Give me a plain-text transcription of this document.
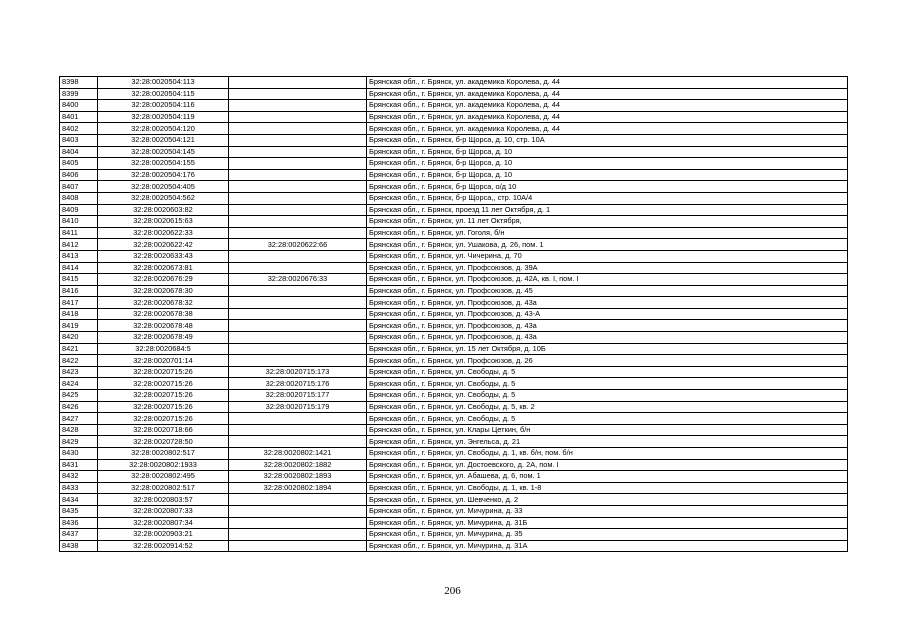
8398	32:28:0020504:113		Брянская обл., г. Брянск, ул. академика Королева, д. 44
8399	32:28:0020504:115		Брянская обл., г. Брянск, ул. академика Королева, д. 44
8400	32:28:0020504:116		Брянская обл., г. Брянск, ул. академика Королева, д. 44
8401	32:28:0020504:119		Брянская обл., г. Брянск, ул. академика Королева, д. 44
8402	32:28:0020504:120		Брянская обл., г. Брянск, ул. академика Королева, д. 44
8403	32:28:0020504:121		Брянская обл., г. Брянск, б-р Щорса, д. 10, стр. 10А
8404	32:28:0020504:145		Брянская обл., г. Брянск, б-р Щорса, д. 10
8405	32:28:0020504:155		Брянская обл., г. Брянск, б-р Щорса, д. 10
8406	32:28:0020504:176		Брянская обл., г. Брянск, б-р Щорса, д. 10
8407	32:28:0020504:405		Брянская обл., г. Брянск, б-р Щорса, о/д 10
8408	32:28:0020504:562		Брянская обл., г. Брянск, б-р Щорса,, стр. 10А/4
8409	32:28:0020603:82		Брянская обл., г. Брянск, проезд 11 лет Октября, д. 1
8410	32:28:0020615:63		Брянская обл., г. Брянск, ул. 11 лет Октября,
8411	32:28:0020622:33		Брянская обл., г. Брянск, ул. Гоголя, б/н
8412	32:28:0020622:42	32:28:0020622:66	Брянская обл., г. Брянск, ул. Ушакова, д. 26, пом. 1
8413	32:28:0020633:43		Брянская обл., г. Брянск, ул. Чичерина, д. 70
8414	32:28:0020673:81		Брянская обл., г. Брянск, ул. Профсоюзов, д. 39А
8415	32:28:0020676:29	32:28:0020676:33	Брянская обл., г. Брянск, ул. Профсоюзов, д. 42А, кв. I, пом. I
8416	32:28:0020678:30		Брянская обл., г. Брянск, ул. Профсоюзов, д. 45
8417	32:28:0020678:32		Брянская обл., г. Брянск, ул. Профсоюзов, д. 43а
8418	32:28:0020678:38		Брянская обл., г. Брянск, ул. Профсоюзов, д. 43-А
8419	32:28:0020678:48		Брянская обл., г. Брянск, ул. Профсоюзов, д. 43а
8420	32:28:0020678:49		Брянская обл., г. Брянск, ул. Профсоюзов, д. 43а
8421	32:28:0020684:5		Брянская обл., г. Брянск, ул. 15 лет Октября, д. 10Б
8422	32:28:0020701:14		Брянская обл., г. Брянск, ул. Профсоюзов, д. 26
8423	32:28:0020715:26	32:28:0020715:173	Брянская обл., г. Брянск, ул. Свободы, д. 5
8424	32:28:0020715:26	32:28:0020715:176	Брянская обл., г. Брянск, ул. Свободы, д. 5
8425	32:28:0020715:26	32:28:0020715:177	Брянская обл., г. Брянск, ул. Свободы, д. 5
8426	32:28:0020715:26	32:28:0020715:179	Брянская обл., г. Брянск, ул. Свободы, д. 5, кв. 2
8427	32:28:0020715:26		Брянская обл., г. Брянск, ул. Свободы, д. 5
8428	32:28:0020718:66		Брянская обл., г. Брянск, ул. Клары Цеткин, б/н
8429	32:28:0020728:50		Брянская обл., г. Брянск, ул. Энгельса, д. 21
8430	32:28:0020802:517	32:28:0020802:1421	Брянская обл., г. Брянск, ул. Свободы, д. 1, кв. б/н, пом. б/н
8431	32:28:0020802:1933	32:28:0020802:1882	Брянская обл., г. Брянск, ул. Достоевского, д. 2А, пом. I
8432	32:28:0020802:495	32:28:0020802:1893	Брянская обл., г. Брянск, ул. Абашева, д. 6, пом. 1
8433	32:28:0020802:517	32:28:0020802:1894	Брянская обл., г. Брянск, ул. Свободы, д. 1, кв. 1-8
8434	32:28:0020803:57		Брянская обл., г. Брянск, ул. Шевченко, д. 2
8435	32:28:0020807:33		Брянская обл., г. Брянск, ул. Мичурина, д. 33
8436	32:28:0020807:34		Брянская обл., г. Брянск, ул. Мичурина, д. 31Б
8437	32:28:0020903:21		Брянская обл., г. Брянск, ул. Мичурина, д. 35
8438	32:28:0020914:52		Брянская обл., г. Брянск, ул. Мичурина, д. 31А
206
